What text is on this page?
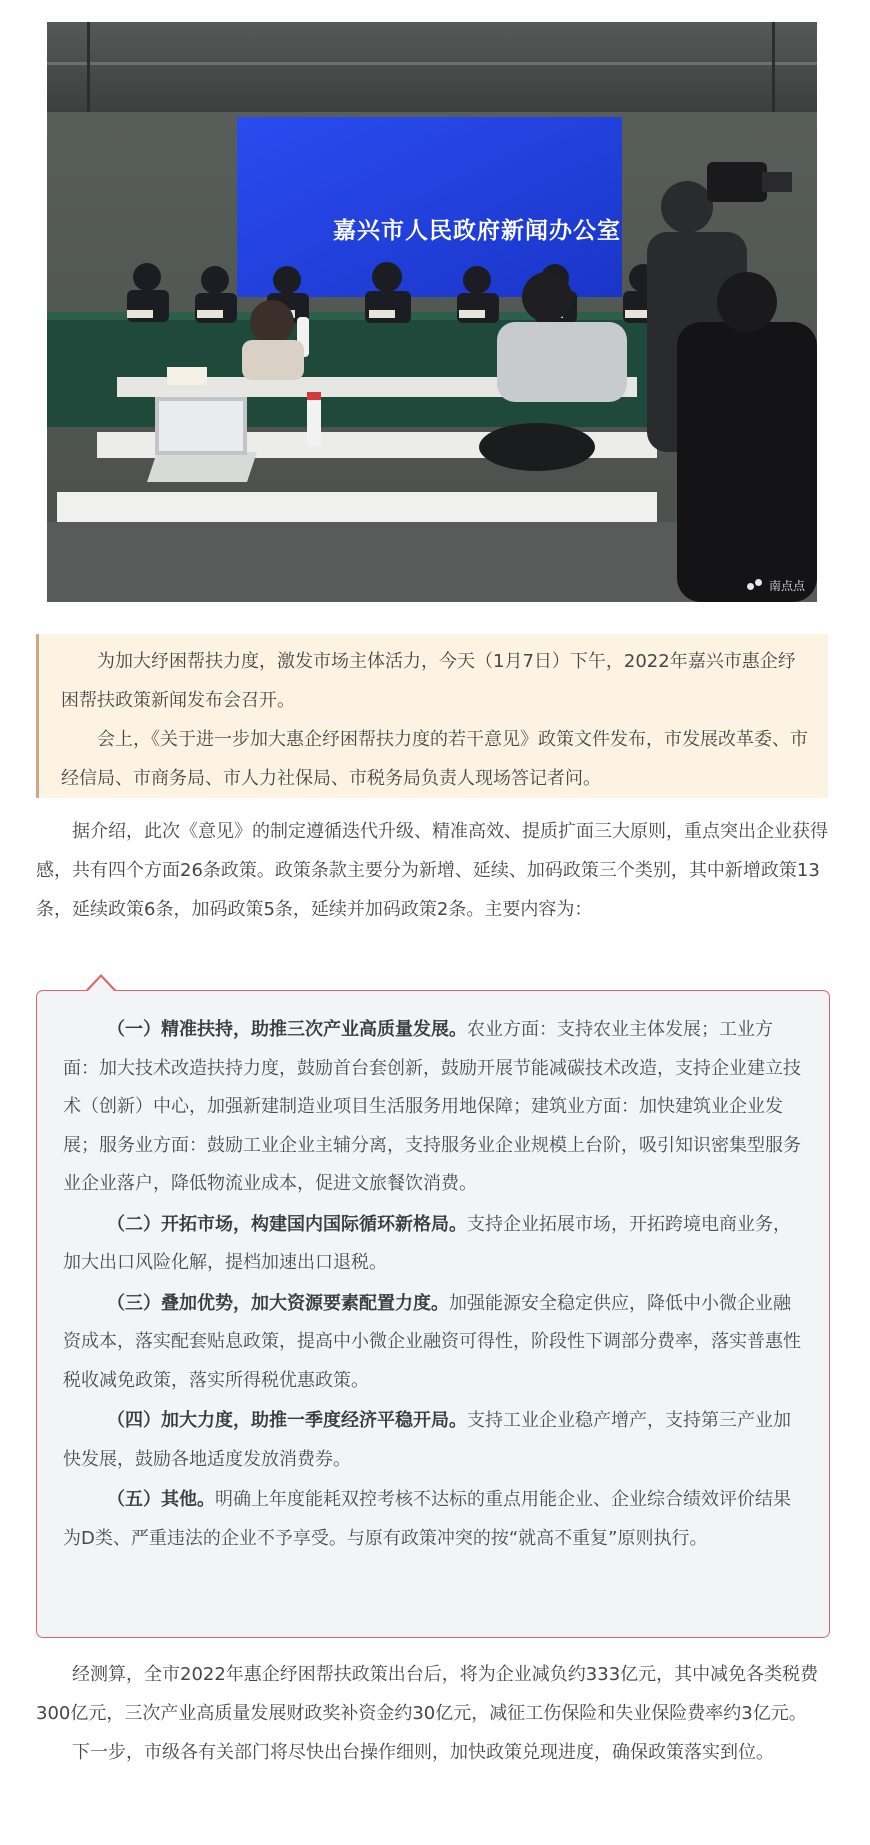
嘉兴市人民政府新闻办公室
南点点

为加大纾困帮扶力度，激发市场主体活力，今天（1月7日）下午，2022年嘉兴市惠企纾困帮扶政策新闻发布会召开。

会上，《关于进一步加大惠企纾困帮扶力度的若干意见》政策文件发布，市发展改革委、市经信局、市商务局、市人力社保局、市税务局负责人现场答记者问。

据介绍，此次《意见》的制定遵循迭代升级、精准高效、提质扩面三大原则，重点突出企业获得感，共有四个方面26条政策。政策条款主要分为新增、延续、加码政策三个类别，其中新增政策13条，延续政策6条，加码政策5条，延续并加码政策2条。主要内容为：

（一）精准扶持，助推三次产业高质量发展。农业方面：支持农业主体发展；工业方面：加大技术改造扶持力度，鼓励首台套创新，鼓励开展节能减碳技术改造，支持企业建立技术（创新）中心，加强新建制造业项目生活服务用地保障；建筑业方面：加快建筑业企业发展；服务业方面：鼓励工业企业主辅分离，支持服务业企业规模上台阶，吸引知识密集型服务业企业落户，降低物流业成本，促进文旅餐饮消费。

（二）开拓市场，构建国内国际循环新格局。支持企业拓展市场，开拓跨境电商业务，加大出口风险化解，提档加速出口退税。

（三）叠加优势，加大资源要素配置力度。加强能源安全稳定供应，降低中小微企业融资成本，落实配套贴息政策，提高中小微企业融资可得性，阶段性下调部分费率，落实普惠性税收减免政策，落实所得税优惠政策。

（四）加大力度，助推一季度经济平稳开局。支持工业企业稳产增产，支持第三产业加快发展，鼓励各地适度发放消费券。

（五）其他。明确上年度能耗双控考核不达标的重点用能企业、企业综合绩效评价结果为D类、严重违法的企业不予享受。与原有政策冲突的按“就高不重复”原则执行。

经测算，全市2022年惠企纾困帮扶政策出台后，将为企业减负约333亿元，其中减免各类税费300亿元，三次产业高质量发展财政奖补资金约30亿元，减征工伤保险和失业保险费率约3亿元。

下一步，市级各有关部门将尽快出台操作细则，加快政策兑现进度，确保政策落实到位。
